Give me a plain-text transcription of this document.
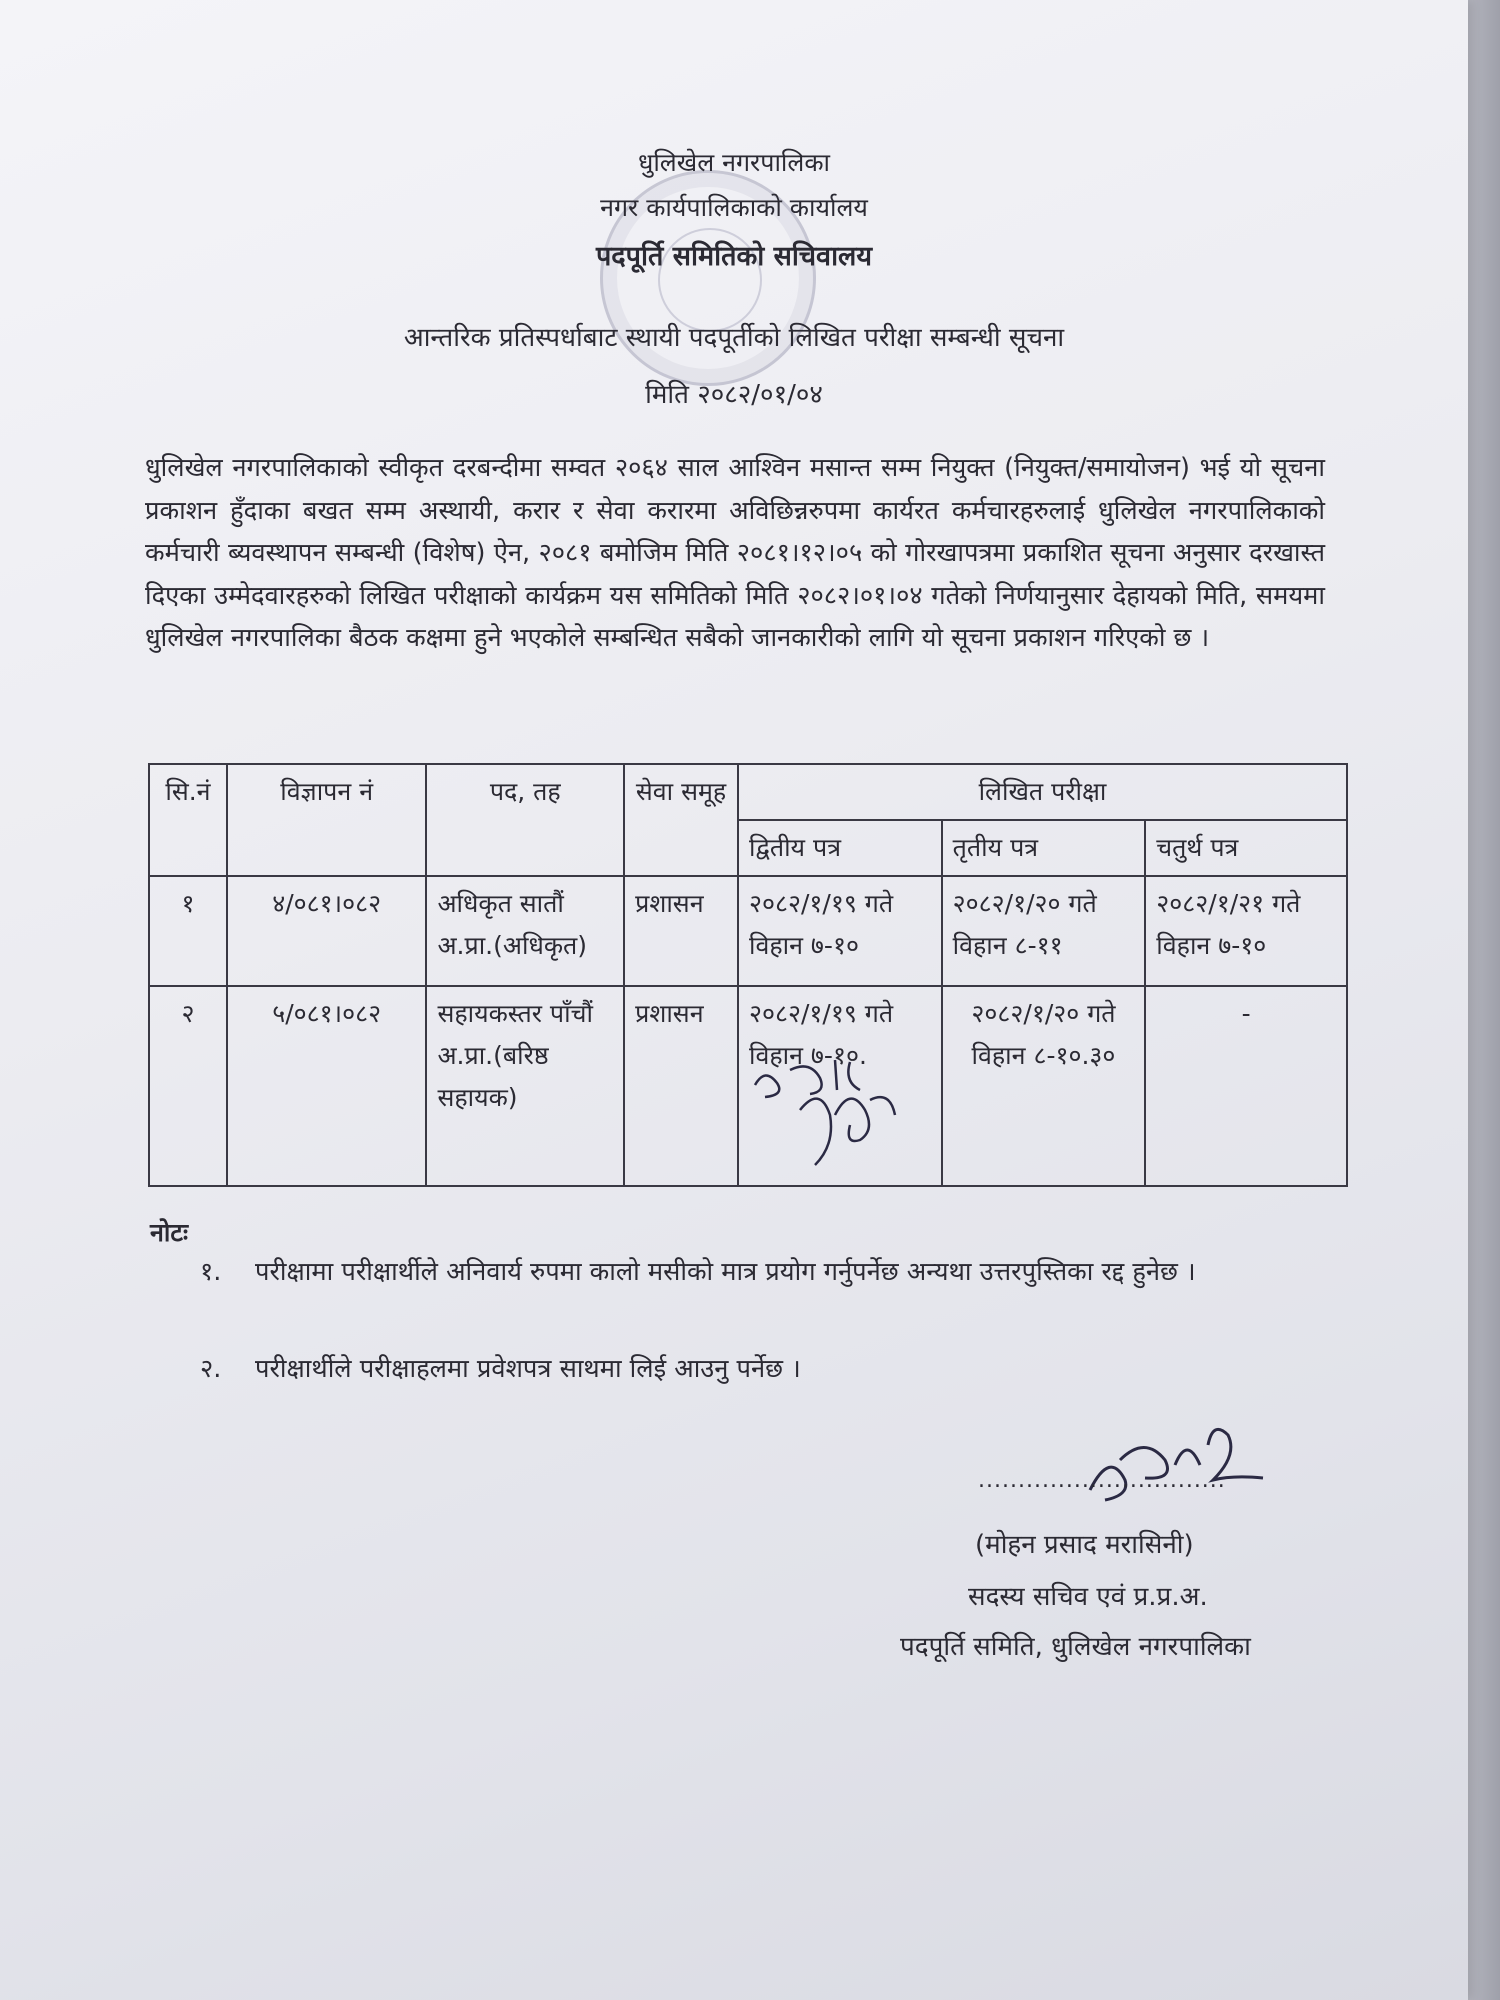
धुलिखेल नगरपालिका
नगर कार्यपालिकाको कार्यालय
पदपूर्ति समितिको सचिवालय
आन्तरिक प्रतिस्पर्धाबाट स्थायी पदपूर्तीको लिखित परीक्षा सम्बन्धी सूचना
मिति २०८२/०१/०४
धुलिखेल नगरपालिकाको स्वीकृत दरबन्दीमा सम्वत २०६४ साल आश्विन मसान्त सम्म नियुक्त (नियुक्त/समायोजन) भई यो सूचना प्रकाशन हुँदाका बखत सम्म अस्थायी, करार र सेवा करारमा अविछिन्नरुपमा कार्यरत कर्मचारहरुलाई धुलिखेल नगरपालिकाको कर्मचारी ब्यवस्थापन सम्बन्धी (विशेष) ऐन, २०८१ बमोजिम मिति २०८१।१२।०५ को गोरखापत्रमा प्रकाशित सूचना अनुसार दरखास्त दिएका उम्मेदवारहरुको लिखित परीक्षाको कार्यक्रम यस समितिको मिति २०८२।०१।०४ गतेको निर्णयानुसार देहायको मिति, समयमा धुलिखेल नगरपालिका बैठक कक्षमा हुने भएकोले सम्बन्धित सबैको जानकारीको लागि यो सूचना प्रकाशन गरिएको छ ।
सि.नं	विज्ञापन नं	पद, तह	सेवा समूह	लिखित परीक्षा		
				द्वितीय पत्र	तृतीय पत्र	चतुर्थ पत्र
१	४/०८१।०८२	अधिकृत सातौं अ.प्रा.(अधिकृत)	प्रशासन	२०८२/१/१९ गते विहान ७-१०	२०८२/१/२० गते विहान ८-११	२०८२/१/२१ गते विहान ७-१०
२	५/०८१।०८२	सहायकस्तर पाँचौं अ.प्रा.(बरिष्ठ सहायक)	प्रशासन	२०८२/१/१९ गते विहान ७-१०.	२०८२/१/२० गते विहान ८-१०.३०	-
नोटः
१. परीक्षामा परीक्षार्थीले अनिवार्य रुपमा कालो मसीको मात्र प्रयोग गर्नुपर्नेछ अन्यथा उत्तरपुस्तिका रद्द हुनेछ ।
२. परीक्षार्थीले परीक्षाहलमा प्रवेशपत्र साथमा लिई आउनु पर्नेछ ।
...............................
(मोहन प्रसाद मरासिनी)
सदस्य सचिव एवं प्र.प्र.अ.
पदपूर्ति समिति, धुलिखेल नगरपालिका
